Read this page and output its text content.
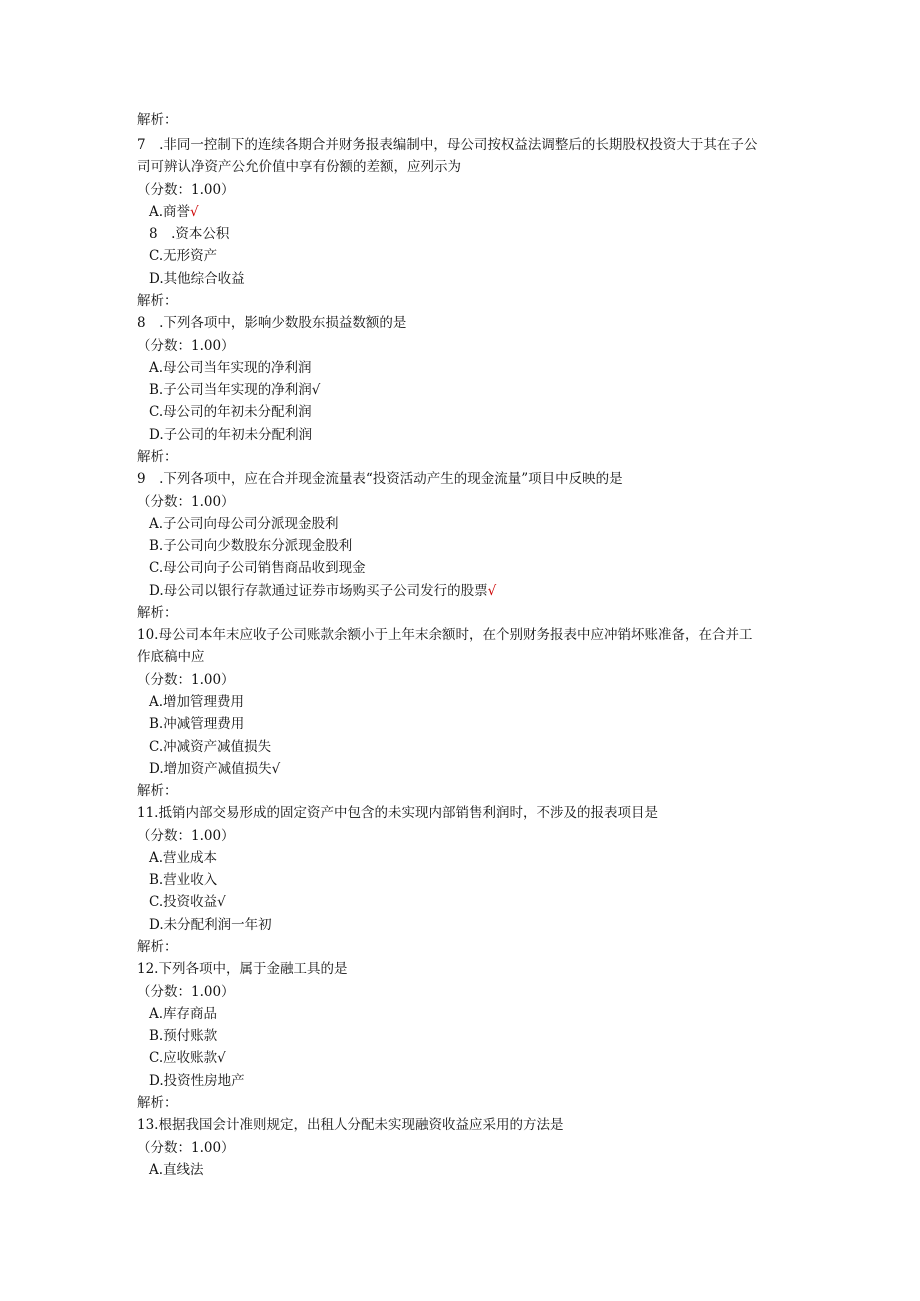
解析：
7　.非同一控制下的连续各期合并财务报表编制中，母公司按权益法调整后的长期股权投资大于其在子公
司可辨认净资产公允价值中享有份额的差额，应列示为
（分数：1.00）
A.商誉√
8　.资本公积
C.无形资产
D.其他综合收益
解析：
8　.下列各项中，影响少数股东损益数额的是
（分数：1.00）
A.母公司当年实现的净利润
B.子公司当年实现的净利润√
C.母公司的年初未分配利润
D.子公司的年初未分配利润
解析：
9　.下列各项中，应在合并现金流量表“投资活动产生的现金流量”项目中反映的是
（分数：1.00）
A.子公司向母公司分派现金股利
B.子公司向少数股东分派现金股利
C.母公司向子公司销售商品收到现金
D.母公司以银行存款通过证券市场购买子公司发行的股票√
解析：
10.母公司本年末应收子公司账款余额小于上年末余额时，在个别财务报表中应冲销坏账准备，在合并工
作底稿中应
（分数：1.00）
A.增加管理费用
B.冲减管理费用
C.冲减资产减值损失
D.增加资产减值损失√
解析：
11.抵销内部交易形成的固定资产中包含的未实现内部销售利润时，不涉及的报表项目是
（分数：1.00）
A.营业成本
B.营业收入
C.投资收益√
D.未分配利润一年初
解析：
12.下列各项中，属于金融工具的是
（分数：1.00）
A.库存商品
B.预付账款
C.应收账款√
D.投资性房地产
解析：
13.根据我国会计准则规定，出租人分配未实现融资收益应采用的方法是
（分数：1.00）
A.直线法
